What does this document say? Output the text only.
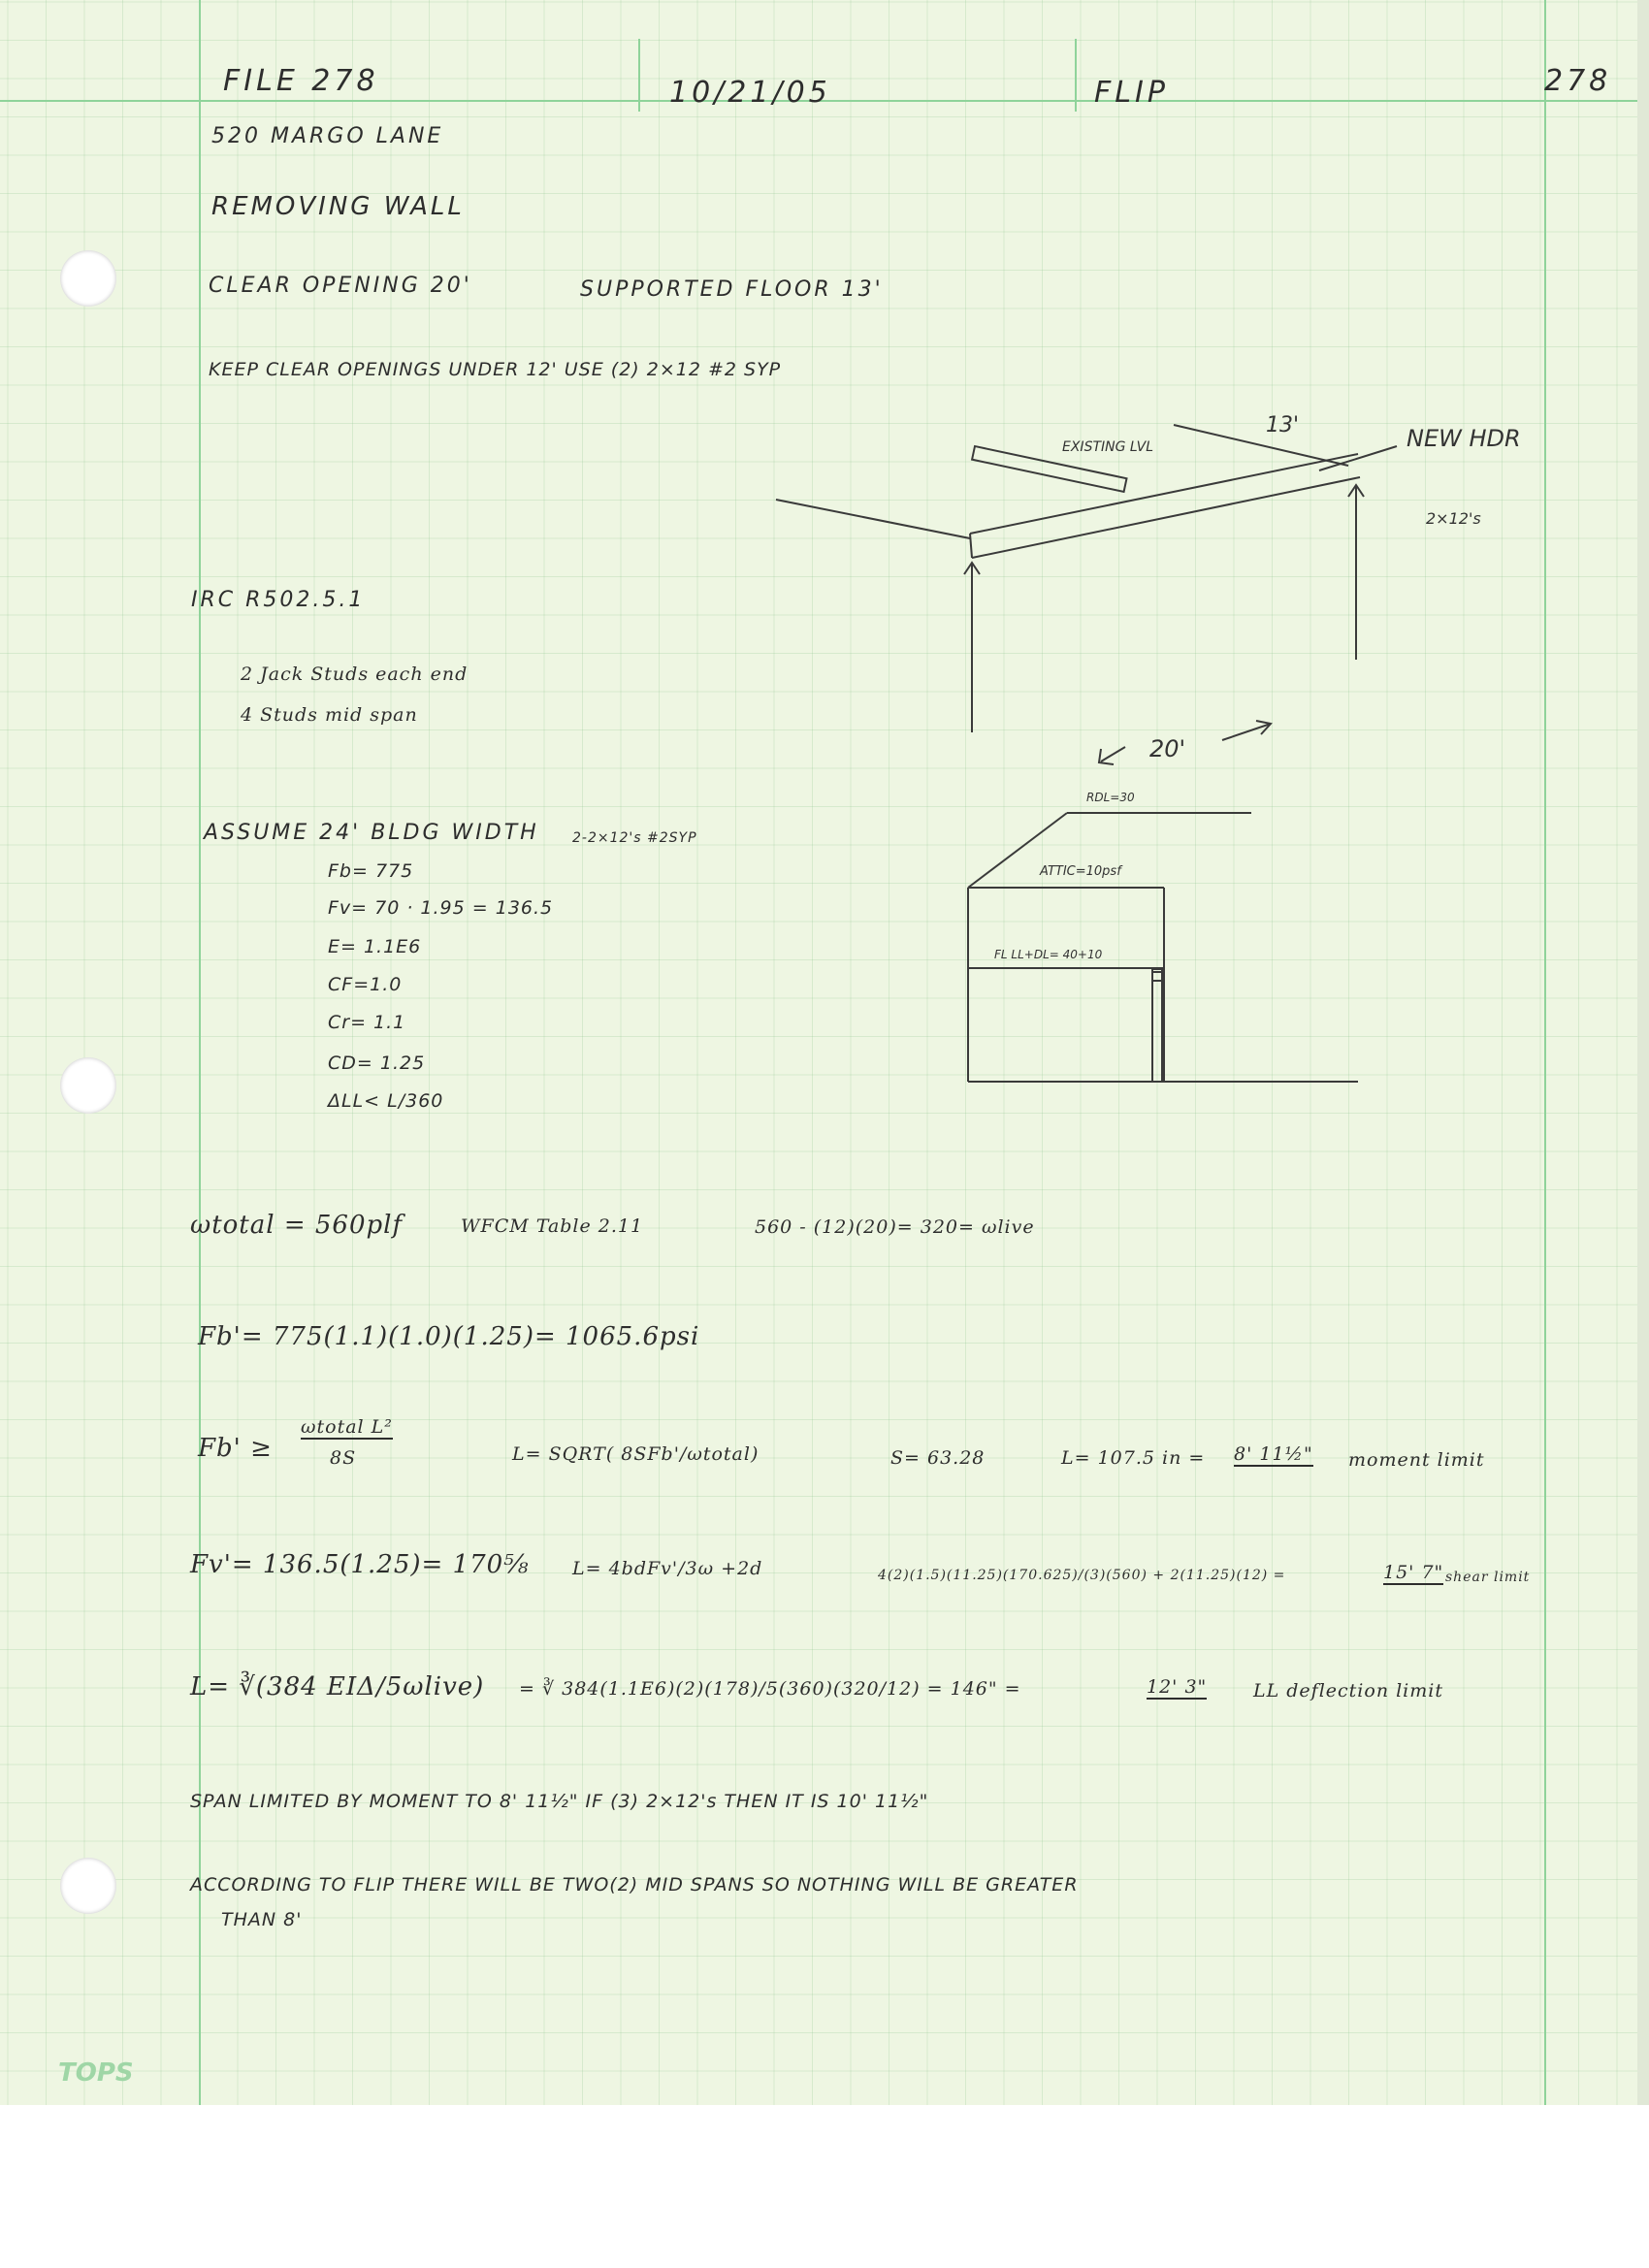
FILE 278	10/21/05	FLIP	278
520 MARGO LANE
REMOVING WALL
CLEAR OPENING 20'	SUPPORTED FLOOR 13'
KEEP CLEAR OPENINGS UNDER 12' USE (2) 2×12 #2 SYP
IRC R502.5.1
2 Jack Studs each end
4 Studs mid span
13'
EXISTING LVL	NEW HDR
2×12's
20'
RDL=30
ATTIC=10psf
FL LL+DL= 40+10
ASSUME 24' BLDG WIDTH 2-2×12's #2SYP
Fb= 775
Fv= 70 · 1.95 = 136.5
E= 1.1E6
CF=1.0
Cr= 1.1
CD= 1.25
ΔLL< L/360
ωtotal = 560plf	WFCM Table 2.11	560 - (12)(20)= 320= ωlive
Fb'= 775(1.1)(1.0)(1.25)= 1065.6psi
Fb' ≥
ωtotal L²
8S	L= SQRT( 8SFb'/ωtotal)	S= 63.28	L= 107.5 in = 8' 11½" moment limit
Fv'= 136.5(1.25)= 170⅝ L= 4bdFv'/3ω +2d	4(2)(1.5)(11.25)(170.625)/(3)(560) + 2(11.25)(12) =	15' 7" shear limit
L= ∛(384 EIΔ/5ωlive) = ∛ 384(1.1E6)(2)(178)/5(360)(320/12) = 146" =	12' 3"	LL deflection limit
SPAN LIMITED BY MOMENT TO 8' 11½" IF (3) 2×12's THEN IT IS 10' 11½"
ACCORDING TO FLIP THERE WILL BE TWO(2) MID SPANS SO NOTHING WILL BE GREATER
THAN 8'
TOPS
